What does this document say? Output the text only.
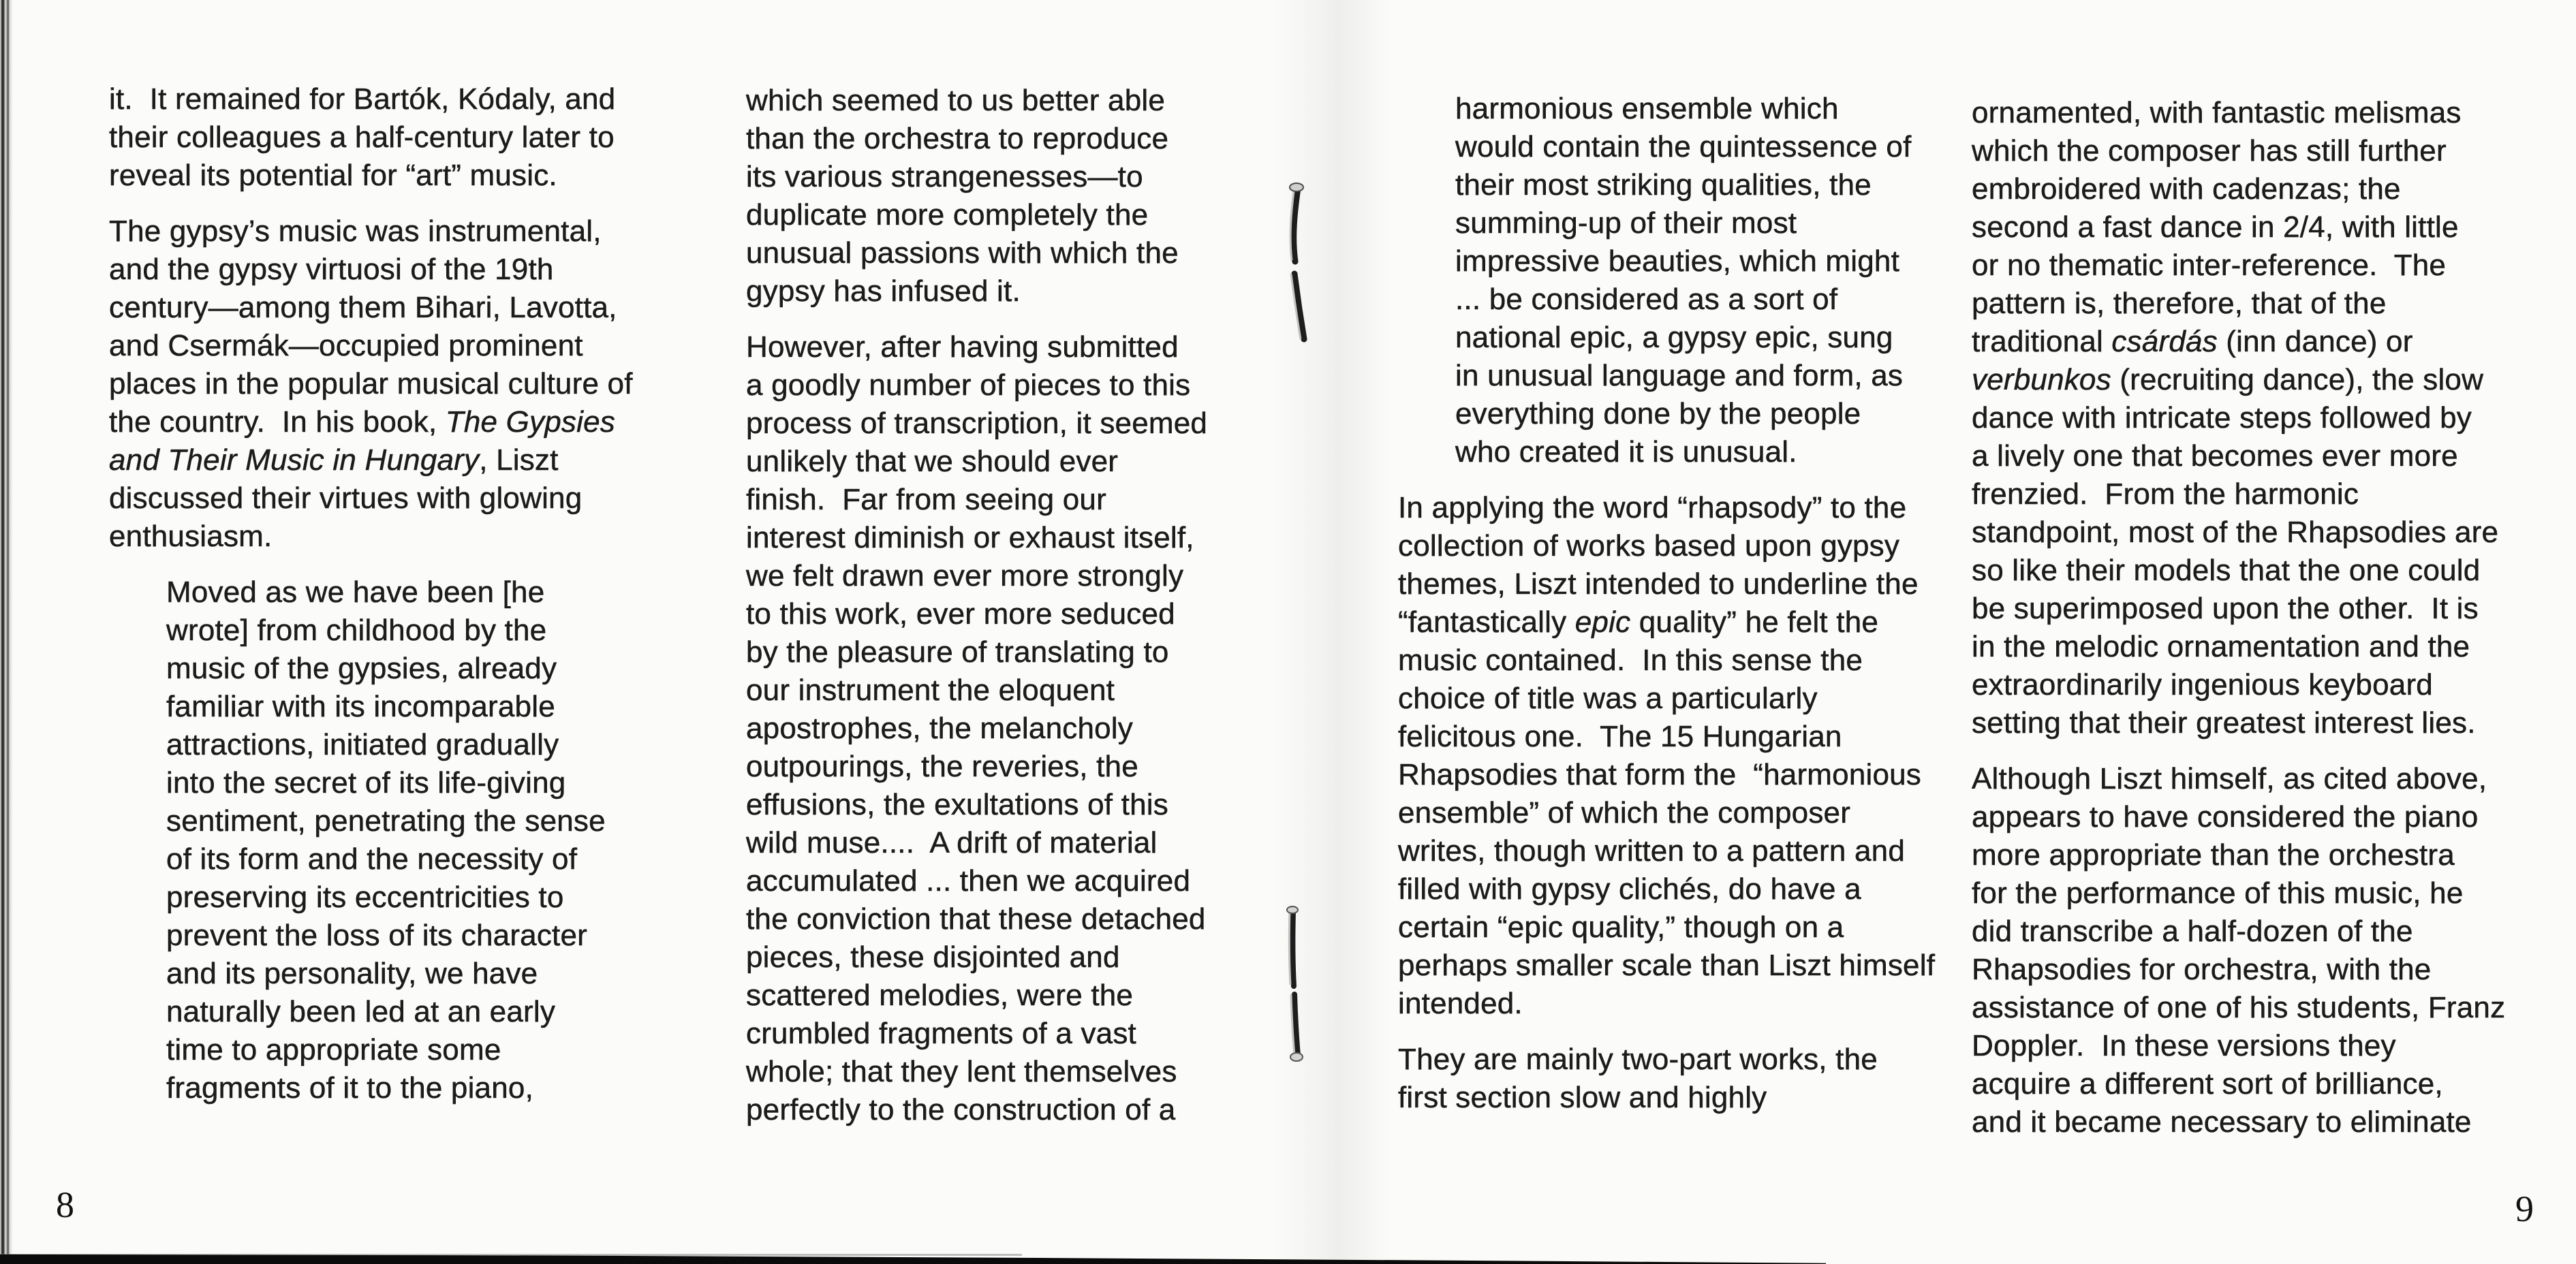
it.  It remained for Bartók, Kódaly, and
their colleagues a half-century later to
reveal its potential for “art” music.

The gypsy’s music was instrumental,
and the gypsy virtuosi of the 19th
century—among them Bihari, Lavotta,
and Csermák—occupied prominent
places in the popular musical culture of
the country.  In his book, The Gypsies
and Their Music in Hungary, Liszt
discussed their virtues with glowing
enthusiasm.

Moved as we have been [he
wrote] from childhood by the
music of the gypsies, already
familiar with its incomparable
attractions, initiated gradually
into the secret of its life-giving
sentiment, penetrating the sense
of its form and the necessity of
preserving its eccentricities to
prevent the loss of its character
and its personality, we have
naturally been led at an early
time to appropriate some
fragments of it to the piano,

which seemed to us better able
than the orchestra to reproduce
its various strangenesses—to
duplicate more completely the
unusual passions with which the
gypsy has infused it.

However, after having submitted
a goodly number of pieces to this
process of transcription, it seemed
unlikely that we should ever
finish.  Far from seeing our
interest diminish or exhaust itself,
we felt drawn ever more strongly
to this work, ever more seduced
by the pleasure of translating to
our instrument the eloquent
apostrophes, the melancholy
outpourings, the reveries, the
effusions, the exultations of this
wild muse....  A drift of material
accumulated ... then we acquired
the conviction that these detached
pieces, these disjointed and
scattered melodies, were the
crumbled fragments of a vast
whole; that they lent themselves
perfectly to the construction of a

harmonious ensemble which
would contain the quintessence of
their most striking qualities, the
summing-up of their most
impressive beauties, which might
... be considered as a sort of
national epic, a gypsy epic, sung
in unusual language and form, as
everything done by the people
who created it is unusual.

In applying the word “rhapsody” to the
collection of works based upon gypsy
themes, Liszt intended to underline the
“fantastically epic quality” he felt the
music contained.  In this sense the
choice of title was a particularly
felicitous one.  The 15 Hungarian
Rhapsodies that form the  “harmonious
ensemble” of which the composer
writes, though written to a pattern and
filled with gypsy clichés, do have a
certain “epic quality,” though on a
perhaps smaller scale than Liszt himself
intended.

They are mainly two-part works, the
first section slow and highly

ornamented, with fantastic melismas
which the composer has still further
embroidered with cadenzas; the
second a fast dance in 2/4, with little
or no thematic inter-reference.  The
pattern is, therefore, that of the
traditional csárdás (inn dance) or
verbunkos (recruiting dance), the slow
dance with intricate steps followed by
a lively one that becomes ever more
frenzied.  From the harmonic
standpoint, most of the Rhapsodies are
so like their models that the one could
be superimposed upon the other.  It is
in the melodic ornamentation and the
extraordinarily ingenious keyboard
setting that their greatest interest lies.

Although Liszt himself, as cited above,
appears to have considered the piano
more appropriate than the orchestra
for the performance of this music, he
did transcribe a half-dozen of the
Rhapsodies for orchestra, with the
assistance of one of his students, Franz
Doppler.  In these versions they
acquire a different sort of brilliance,
and it became necessary to eliminate

8	9
